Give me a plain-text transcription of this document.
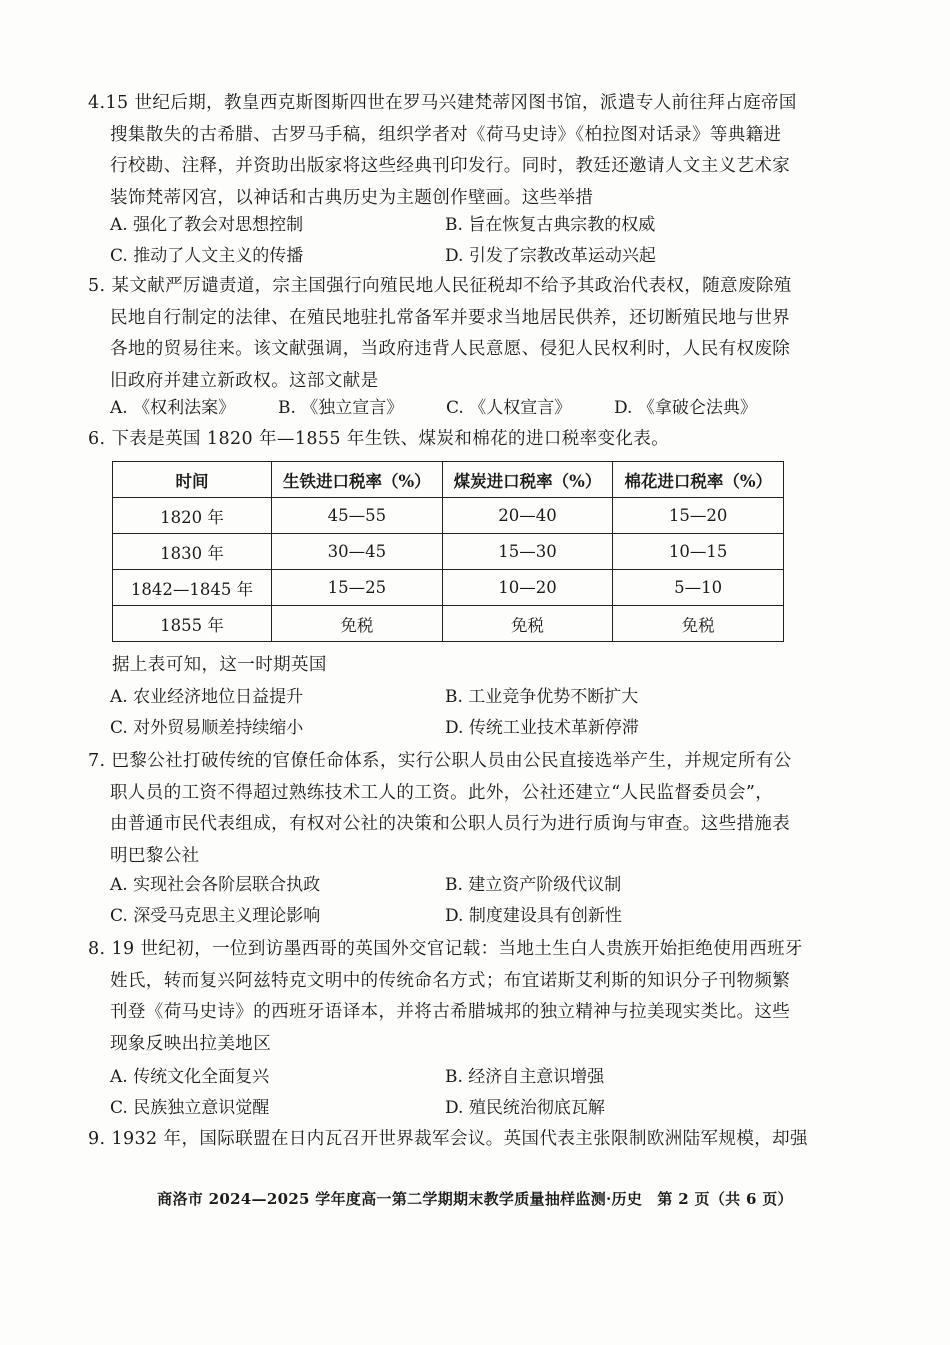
4.15 世纪后期，教皇西克斯图斯四世在罗马兴建梵蒂冈图书馆，派遣专人前往拜占庭帝国
搜集散失的古希腊、古罗马手稿，组织学者对《荷马史诗》《柏拉图对话录》等典籍进
行校勘、注释，并资助出版家将这些经典刊印发行。同时，教廷还邀请人文主义艺术家
装饰梵蒂冈宫，以神话和古典历史为主题创作壁画。这些举措
A. 强化了教会对思想控制	B. 旨在恢复古典宗教的权威
C. 推动了人文主义的传播	D. 引发了宗教改革运动兴起
5. 某文献严厉谴责道，宗主国强行向殖民地人民征税却不给予其政治代表权，随意废除殖
民地自行制定的法律、在殖民地驻扎常备军并要求当地居民供养，还切断殖民地与世界
各地的贸易往来。该文献强调，当政府违背人民意愿、侵犯人民权利时，人民有权废除
旧政府并建立新政权。这部文献是
A. 《权利法案》	B. 《独立宣言》	C. 《人权宣言》	D. 《拿破仑法典》
6. 下表是英国 1820 年—1855 年生铁、煤炭和棉花的进口税率变化表。
时间	生铁进口税率（%）	煤炭进口税率（%）	棉花进口税率（%）
1820 年	45—55	20—40	15—20
1830 年	30—45	15—30	10—15
1842—1845 年	15—25	10—20	5—10
1855 年	免税	免税	免税
据上表可知，这一时期英国
A. 农业经济地位日益提升	B. 工业竞争优势不断扩大
C. 对外贸易顺差持续缩小	D. 传统工业技术革新停滞
7. 巴黎公社打破传统的官僚任命体系，实行公职人员由公民直接选举产生，并规定所有公
职人员的工资不得超过熟练技术工人的工资。此外，公社还建立“人民监督委员会”，
由普通市民代表组成，有权对公社的决策和公职人员行为进行质询与审查。这些措施表
明巴黎公社
A. 实现社会各阶层联合执政	B. 建立资产阶级代议制
C. 深受马克思主义理论影响	D. 制度建设具有创新性
8. 19 世纪初，一位到访墨西哥的英国外交官记载：当地土生白人贵族开始拒绝使用西班牙
姓氏，转而复兴阿兹特克文明中的传统命名方式；布宜诺斯艾利斯的知识分子刊物频繁
刊登《荷马史诗》的西班牙语译本，并将古希腊城邦的独立精神与拉美现实类比。这些
现象反映出拉美地区
A. 传统文化全面复兴	B. 经济自主意识增强
C. 民族独立意识觉醒	D. 殖民统治彻底瓦解
9. 1932 年，国际联盟在日内瓦召开世界裁军会议。英国代表主张限制欧洲陆军规模，却强
商洛市 2024—2025 学年度高一第二学期期末教学质量抽样监测·历史　第 2 页（共 6 页）
